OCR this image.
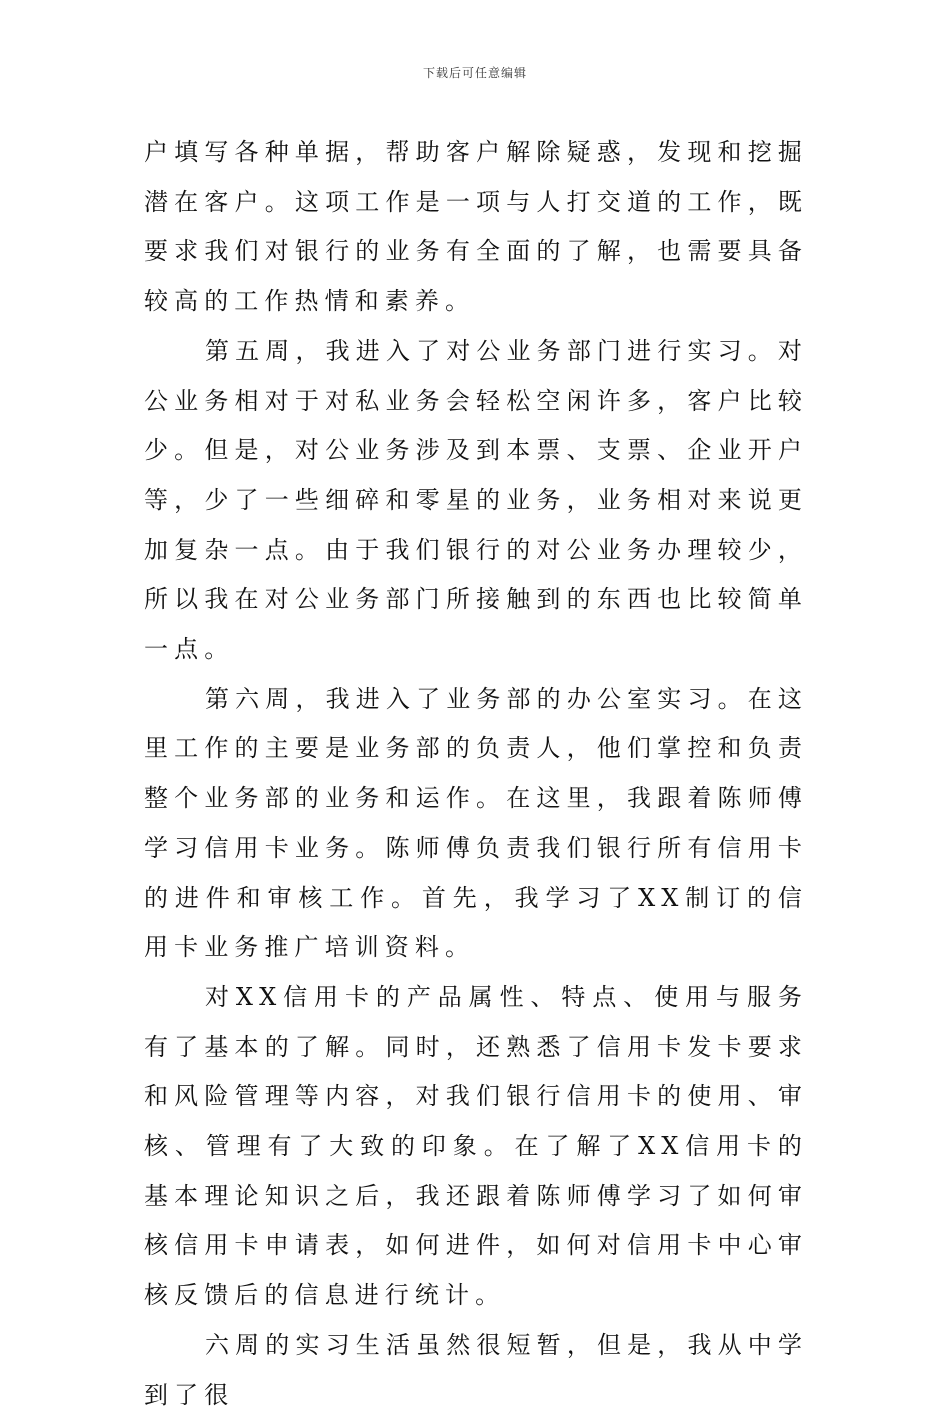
下载后可任意编辑

户填写各种单据，帮助客户解除疑惑，发现和挖掘潜在客户。这项工作是一项与人打交道的工作，既要求我们对银行的业务有全面的了解，也需要具备较高的工作热情和素养。

第五周，我进入了对公业务部门进行实习。对公业务相对于对私业务会轻松空闲许多，客户比较少。但是，对公业务涉及到本票、支票、企业开户等，少了一些细碎和零星的业务，业务相对来说更加复杂一点。由于我们银行的对公业务办理较少，所以我在对公业务部门所接触到的东西也比较简单一点。

第六周，我进入了业务部的办公室实习。在这里工作的主要是业务部的负责人，他们掌控和负责整个业务部的业务和运作。在这里，我跟着陈师傅学习信用卡业务。陈师傅负责我们银行所有信用卡的进件和审核工作。首先，我学习了XX制订的信用卡业务推广培训资料。

对XX信用卡的产品属性、特点、使用与服务有了基本的了解。同时，还熟悉了信用卡发卡要求和风险管理等内容，对我们银行信用卡的使用、审核、管理有了大致的印象。在了解了XX信用卡的基本理论知识之后，我还跟着陈师傅学习了如何审核信用卡申请表，如何进件，如何对信用卡中心审核反馈后的信息进行统计。

六周的实习生活虽然很短暂，但是，我从中学到了很
